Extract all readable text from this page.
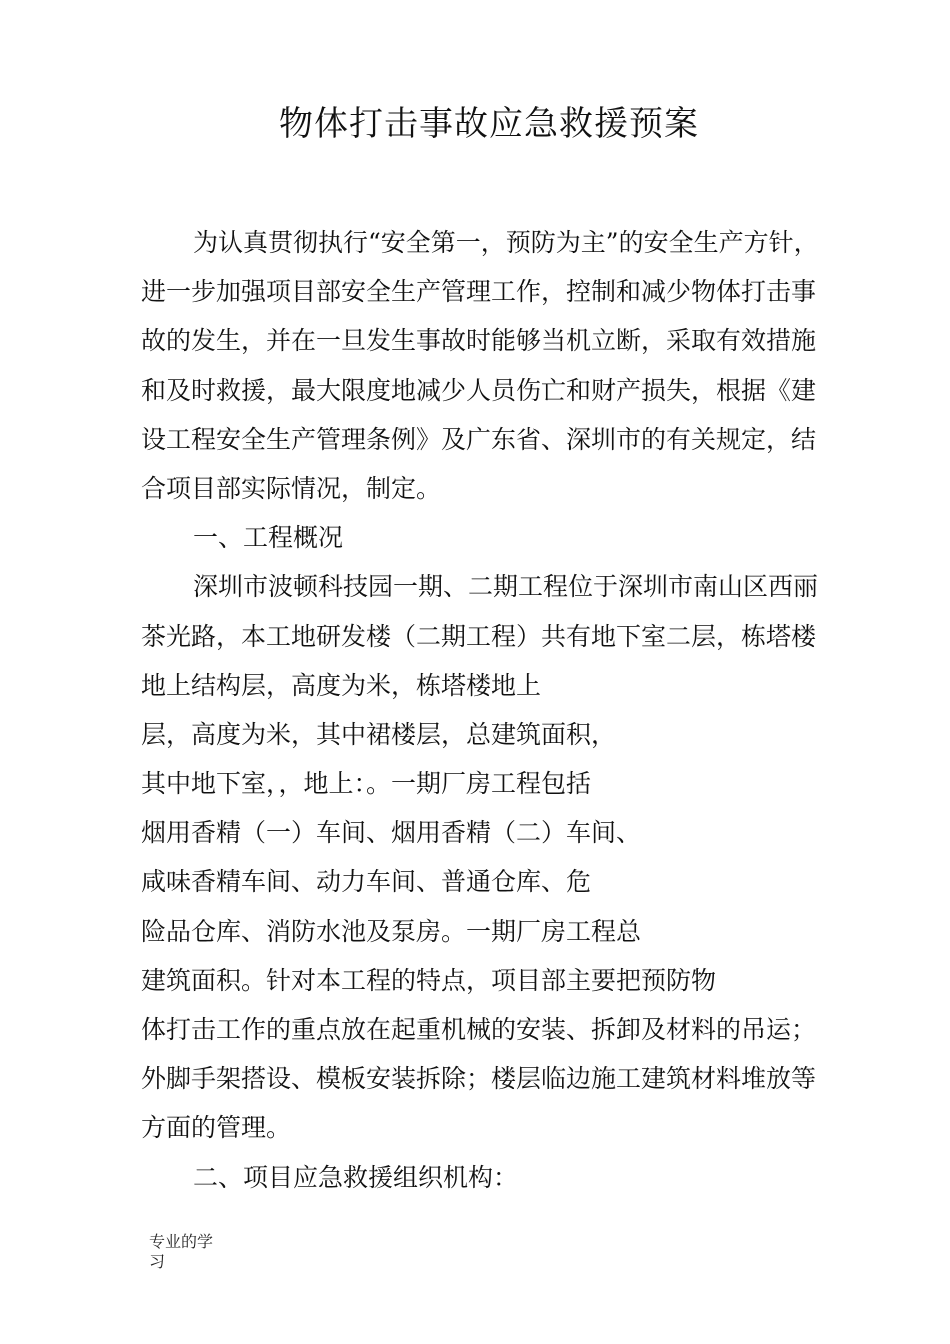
物体打击事故应急救援预案
为认真贯彻执行“安全第一，预防为主”的安全生产方针，
进一步加强项目部安全生产管理工作，控制和减少物体打击事
故的发生，并在一旦发生事故时能够当机立断，采取有效措施
和及时救援，最大限度地减少人员伤亡和财产损失，根据《建
设工程安全生产管理条例》及广东省、深圳市的有关规定，结
合项目部实际情况，制定。
一、工程概况
深圳市波顿科技园一期、二期工程位于深圳市南山区西丽
茶光路，本工地研发楼（二期工程）共有地下室二层，栋塔楼
地上结构层，高度为米，栋塔楼地上
层，高度为米，其中裙楼层，总建筑面积，
其中地下室，，地上：。一期厂房工程包括
烟用香精（一）车间、烟用香精（二）车间、
咸味香精车间、动力车间、普通仓库、危
险品仓库、消防水池及泵房。一期厂房工程总
建筑面积。针对本工程的特点，项目部主要把预防物
体打击工作的重点放在起重机械的安装、拆卸及材料的吊运；
外脚手架搭设、模板安装拆除；楼层临边施工建筑材料堆放等
方面的管理。
二、项目应急救援组织机构：
专业的学
习
